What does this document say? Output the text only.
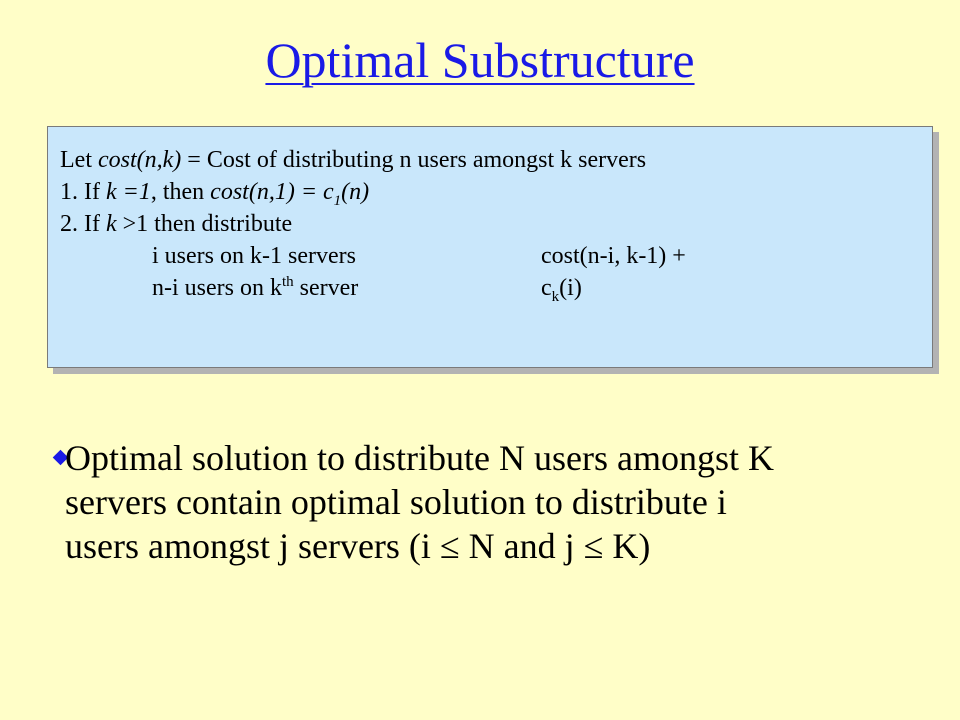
Optimal Substructure
Let cost(n,k) = Cost of distributing n users amongst k servers
1. If k =1, then $\cos t(n,1) = c_1(n)$
2. If k >1 then distribute
i users on k-1 servers	cost(n-i, k-1) +
n-i users on $k^{th}$ server	$c_k(i)$
Optimal solution to distribute N users amongst K
servers contain optimal solution to distribute i
users amongst j servers (i ≤ N and j ≤ K)
